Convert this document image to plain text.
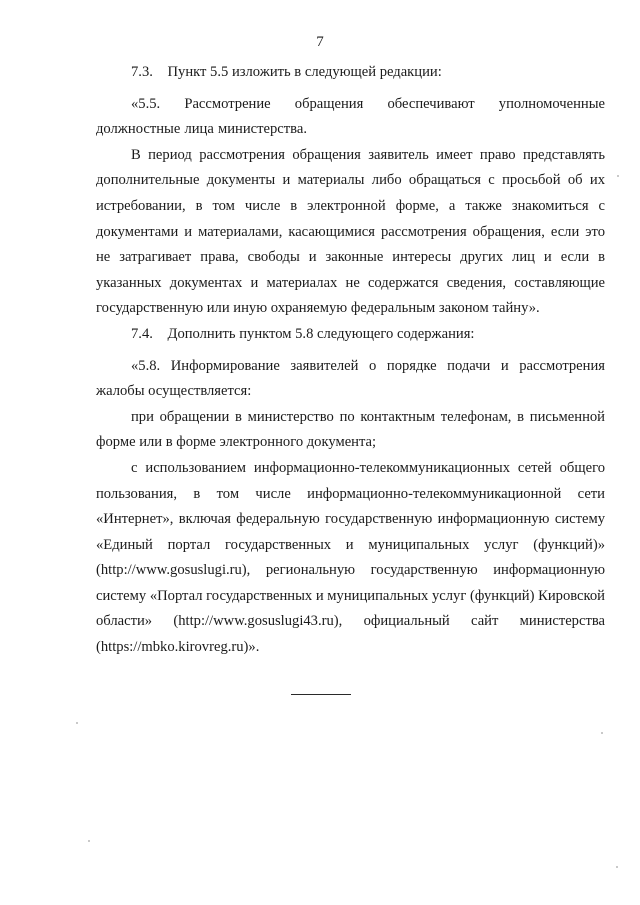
7

7.3. Пункт 5.5 изложить в следующей редакции:

«5.5. Рассмотрение обращения обеспечивают уполномоченные должностные лица министерства.

В период рассмотрения обращения заявитель имеет право представлять дополнительные документы и материалы либо обращаться с просьбой об их истребовании, в том числе в электронной форме, а также знакомиться с документами и материалами, касающимися рассмотрения обращения, если это не затрагивает права, свободы и законные интересы других лиц и если в указанных документах и материалах не содержатся сведения, составляющие государственную или иную охраняемую федеральным законом тайну».

7.4. Дополнить пунктом 5.8 следующего содержания:

«5.8. Информирование заявителей о порядке подачи и рассмотрения жалобы осуществляется:

при обращении в министерство по контактным телефонам, в письменной форме или в форме электронного документа;

с использованием информационно-телекоммуникационных сетей общего пользования, в том числе информационно-телекоммуникационной сети «Интернет», включая федеральную государственную информационную систему «Единый портал государственных и муниципальных услуг (функций)» (http://www.gosuslugi.ru), региональную государственную информационную систему «Портал государственных и муниципальных услуг (функций) Кировской области» (http://www.gosuslugi43.ru), официальный сайт министерства (https://mbko.kirovreg.ru)».
